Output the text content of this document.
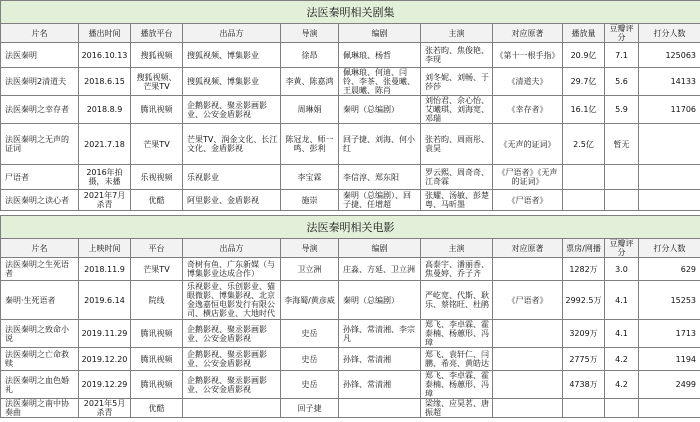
法医秦明相关剧集										
片名	播出时间	播放平台	出品方	导演	编剧	主演	对应原著	播放量	豆瓣评分	打分人数
法医秦明	2016.10.13	搜狐视频	搜狐视频、博集影业	徐昂	佩琳琅、杨哲	张若昀、焦俊艳、李现	《第十一根手指》	20.9亿	7.1	125063
法医秦明2清道夫	2018.6.15	搜狐视频、芒果TV	搜狐视频、博集影业	李黄、陈嘉鸿	佩琳琅、何迪、闫铃、李茶、张曼曦、王晨曦、陈肖	刘冬妮、刘畅、于莎莎	《清道夫》	29.7亿	5.6	14133
法医秦明之幸存者	2018.8.9	腾讯视频	企鹅影视、聚丞影画影业、公安金盾影视	周琳娟	秦明（总编剧）	刘怡君、佘心怡、艾曦琪、刘海宽、邓瑞	《幸存者》	16.1亿	5.9	11706
法医秦明之无声的证词	2021.7.18	芒果TV	芒果TV、润金文化、长江文化、金盾影视	陈冠龙、师一鸣、彭利	回子捷、刘海、何小红	张若昀、周雨彤、袁昊	《无声的证词》	2.5亿	暂无	
尸语者	2016年拍摄，未播	乐视视频	乐视影业	李宝霖	李信淳、郑东阳	罗云熙、周奇奇、江奇霖	《尸语者》《无声的证词》			
法医秦明之读心者	2021年7月杀青	优酷	阿里影业、金盾影视	施崇	秦明（总编剧）、回子捷、任增超	张耀、汤敏、彭楚粤、马昕墨	《尸语者》			

法医秦明相关电影										
片名	上映时间	平台	出品方	导演	编剧	主演	对应原著	票房/网播	豆瓣评分	打分人数
法医秦明之生死语者	2018.11.9	芒果TV	奇树有鱼、广东新媒（与博集影业达成合作）	卫立洲	庄淼、方延、卫立洲	高泰宇、潘丽香、焦曼婷、乔子齐		1282万	3.0	629
秦明·生死语者	2019.6.14	院线	乐视影业、乐创影业、猫眼微影、博集影视、北京金逸嘉恒电影发行有限公司、横店影业、大地时代	李海蜀/黄彦威	秦明（总编剧）	严屹宽、代斯、耿乐、蔡铭旺、杜鹃	《尸语者》	2992.5万	4.1	15253
法医秦明之致命小说	2019.11.29	腾讯视频	企鹅影视、聚丞影画影业、公安金盾影视	史岳	孙锋、常清湘、李宗凡	郑飞、李卓霖、霍泰楠、杨蕙形、冯璋		3209万	4.1	1713
法医秦明之亡命救赎	2019.12.20	腾讯视频	企鹅影视、聚丞影画影业、公安金盾影视	史岳	孙锋、常清湘	郑飞、袁轩仁、闫鹏、希亮、黄皓达		2775万	4.2	1194
法医秦明之血色婚礼	2019.12.29	腾讯视频	企鹅影视、聚丞影画影业、公安金盾影视	史岳	孙锋、常清湘	郑飞、李卓霖、霍泰楠、杨蕙形、冯璋		4738万	4.2	2499
法医秦明之南中协奏曲	2021年5月杀青	优酷		回子捷		梁缘、应昊茗、唐振超				
